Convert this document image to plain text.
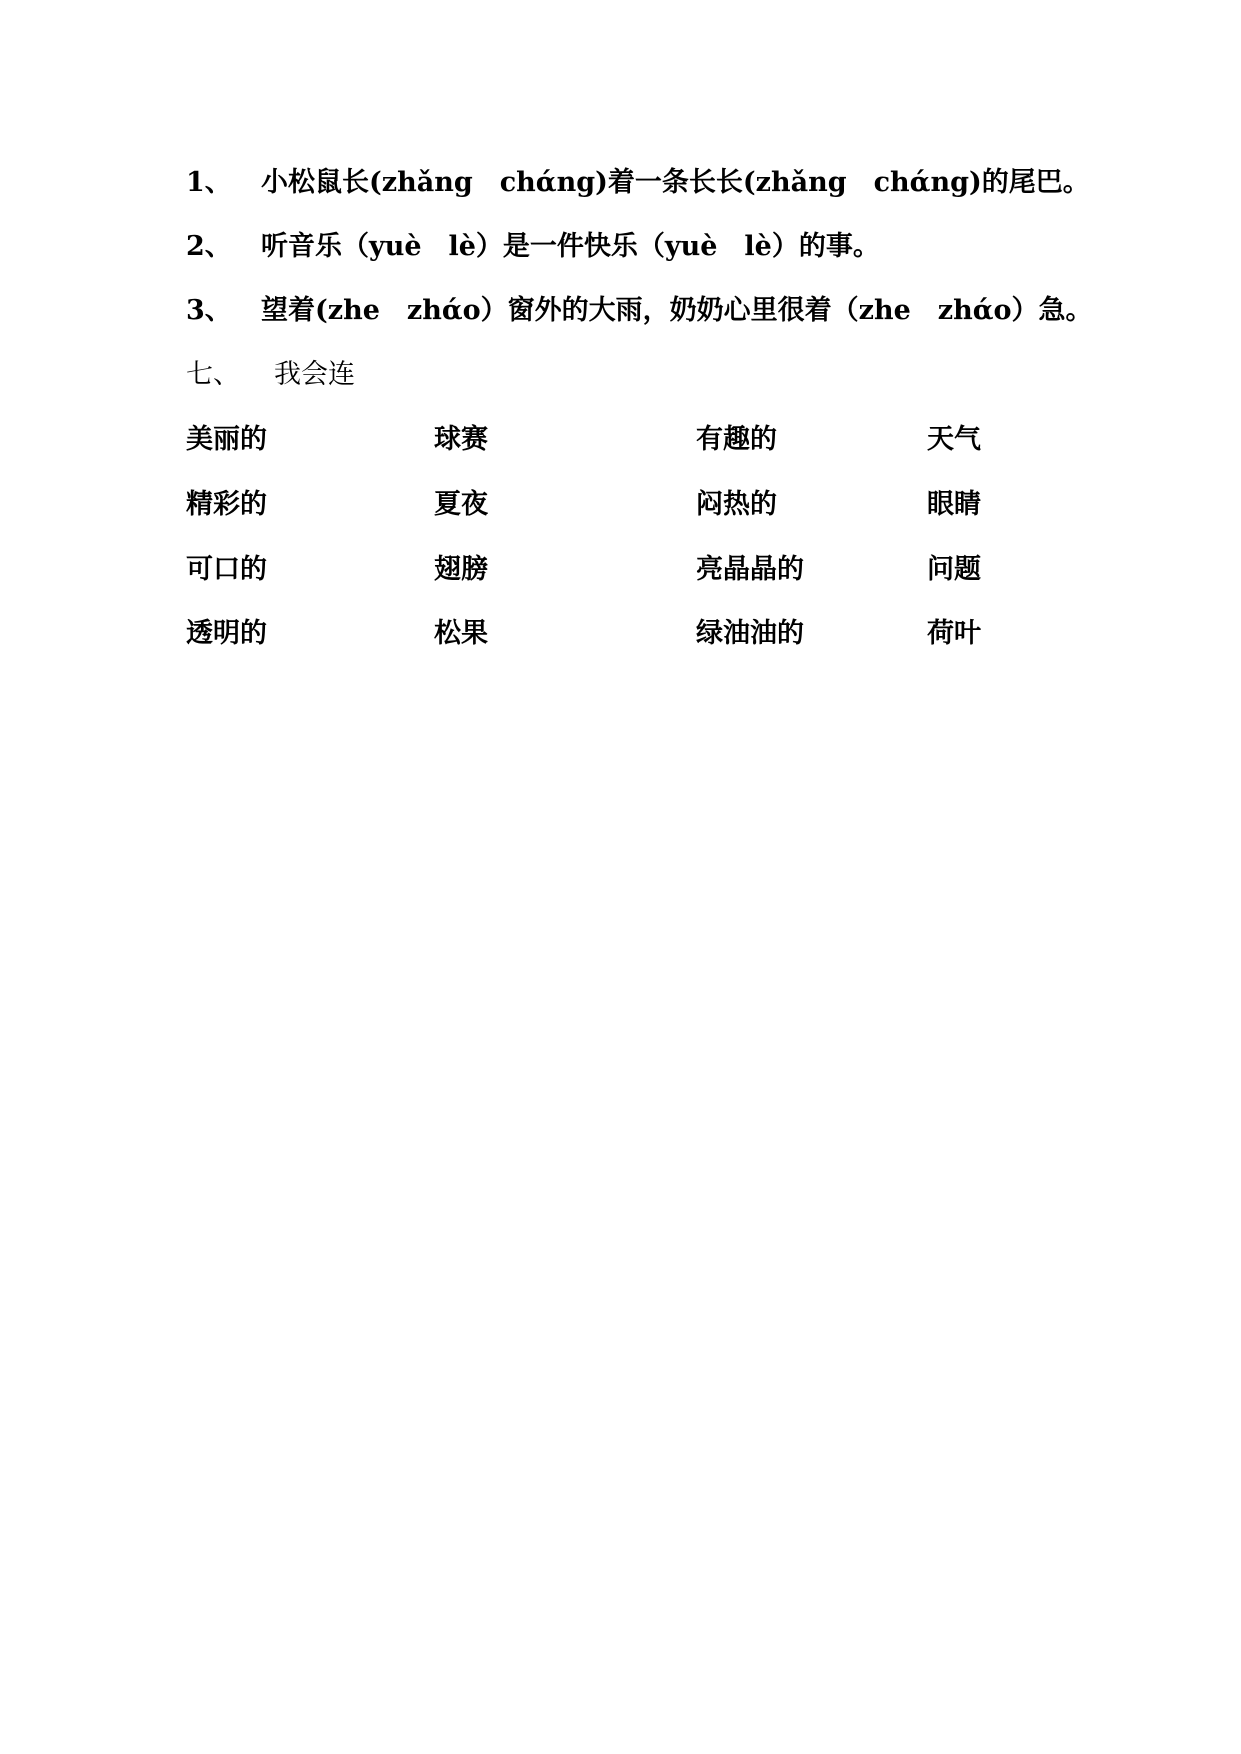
1、 小松鼠长(zhǎng　chάng)着一条长长(zhǎng　chάng)的尾巴。
2、 听音乐（yuè　lè）是一件快乐（yuè　lè）的事。
3、 望着(zhe　zhάo）窗外的大雨，奶奶心里很着（zhe　zhάo）急。
七、 我会连
美丽的	球赛	有趣的	天气
精彩的	夏夜	闷热的	眼睛
可口的	翅膀	亮晶晶的	问题
透明的	松果	绿油油的	荷叶
